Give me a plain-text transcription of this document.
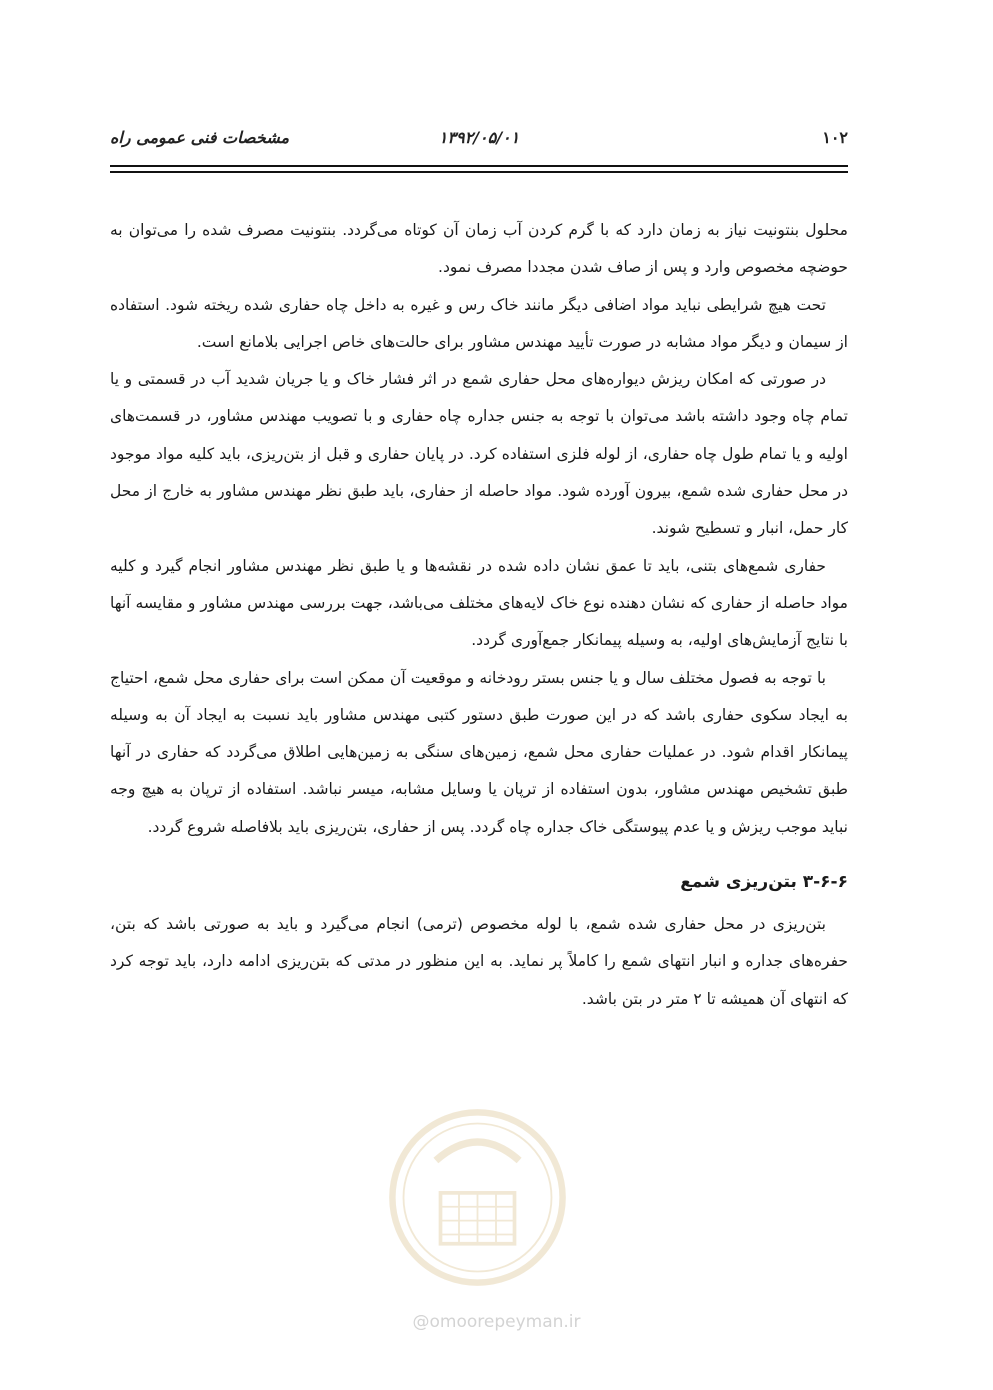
۱۰۲
۱۳۹۲/۰۵/۰۱
مشخصات فنی عمومی راه

محلول بنتونیت نیاز به زمان دارد که با گرم کردن آب زمان آن کوتاه می‌گردد. بنتونیت مصرف شده را می‌توان به حوضچه مخصوص وارد و پس از صاف شدن مجددا مصرف نمود.

تحت هیچ شرایطی نباید مواد اضافی دیگر مانند خاک رس و غیره به داخل چاه حفاری شده ریخته شود. استفاده از سیمان و دیگر مواد مشابه در صورت تأیید مهندس مشاور برای حالت‌های خاص اجرایی بلامانع است.

در صورتی که امکان ریزش دیواره‌های محل حفاری شمع در اثر فشار خاک و یا جریان شدید آب در قسمتی و یا تمام چاه وجود داشته باشد می‌توان با توجه به جنس جداره چاه حفاری و با تصویب مهندس مشاور، در قسمت‌های اولیه و یا تمام طول چاه حفاری، از لوله فلزی استفاده کرد. در پایان حفاری و قبل از بتن‌ریزی، باید کلیه مواد موجود در محل حفاری شده شمع، بیرون آورده شود. مواد حاصله از حفاری، باید طبق نظر مهندس مشاور به خارج از محل کار حمل، انبار و تسطیح شوند.

حفاری شمع‌های بتنی، باید تا عمق نشان داده شده در نقشه‌ها و یا طبق نظر مهندس مشاور انجام گیرد و کلیه مواد حاصله از حفاری که نشان دهنده نوع خاک لایه‌های مختلف می‌باشد، جهت بررسی مهندس مشاور و مقایسه آنها با نتایج آزمایش‌های اولیه، به وسیله پیمانکار جمع‌آوری گردد.

با توجه به فصول مختلف سال و یا جنس بستر رودخانه و موقعیت آن ممکن است برای حفاری محل شمع، احتیاج به ایجاد سکوی حفاری باشد که در این صورت طبق دستور کتبی مهندس مشاور باید نسبت به ایجاد آن به وسیله پیمانکار اقدام شود. در عملیات حفاری محل شمع، زمین‌های سنگی به زمین‌هایی اطلاق می‌گردد که حفاری در آنها طبق تشخیص مهندس مشاور، بدون استفاده از ترپان یا وسایل مشابه، میسر نباشد. استفاده از ترپان به هیچ وجه نباید موجب ریزش و یا عدم پیوستگی خاک جداره چاه گردد. پس از حفاری، بتن‌ریزی باید بلافاصله شروع گردد.

۳-۶-۶ بتن‌ریزی شمع

بتن‌ریزی در محل حفاری شده شمع، با لوله مخصوص (ترمی) انجام می‌گیرد و باید به صورتی باشد که بتن، حفره‌های جداره و انبار انتهای شمع را کاملاً پر نماید. به این منظور در مدتی که بتن‌ریزی ادامه دارد، باید توجه کرد که انتهای آن همیشه تا ۲ متر در بتن باشد.

@omoorepeyman.ir
